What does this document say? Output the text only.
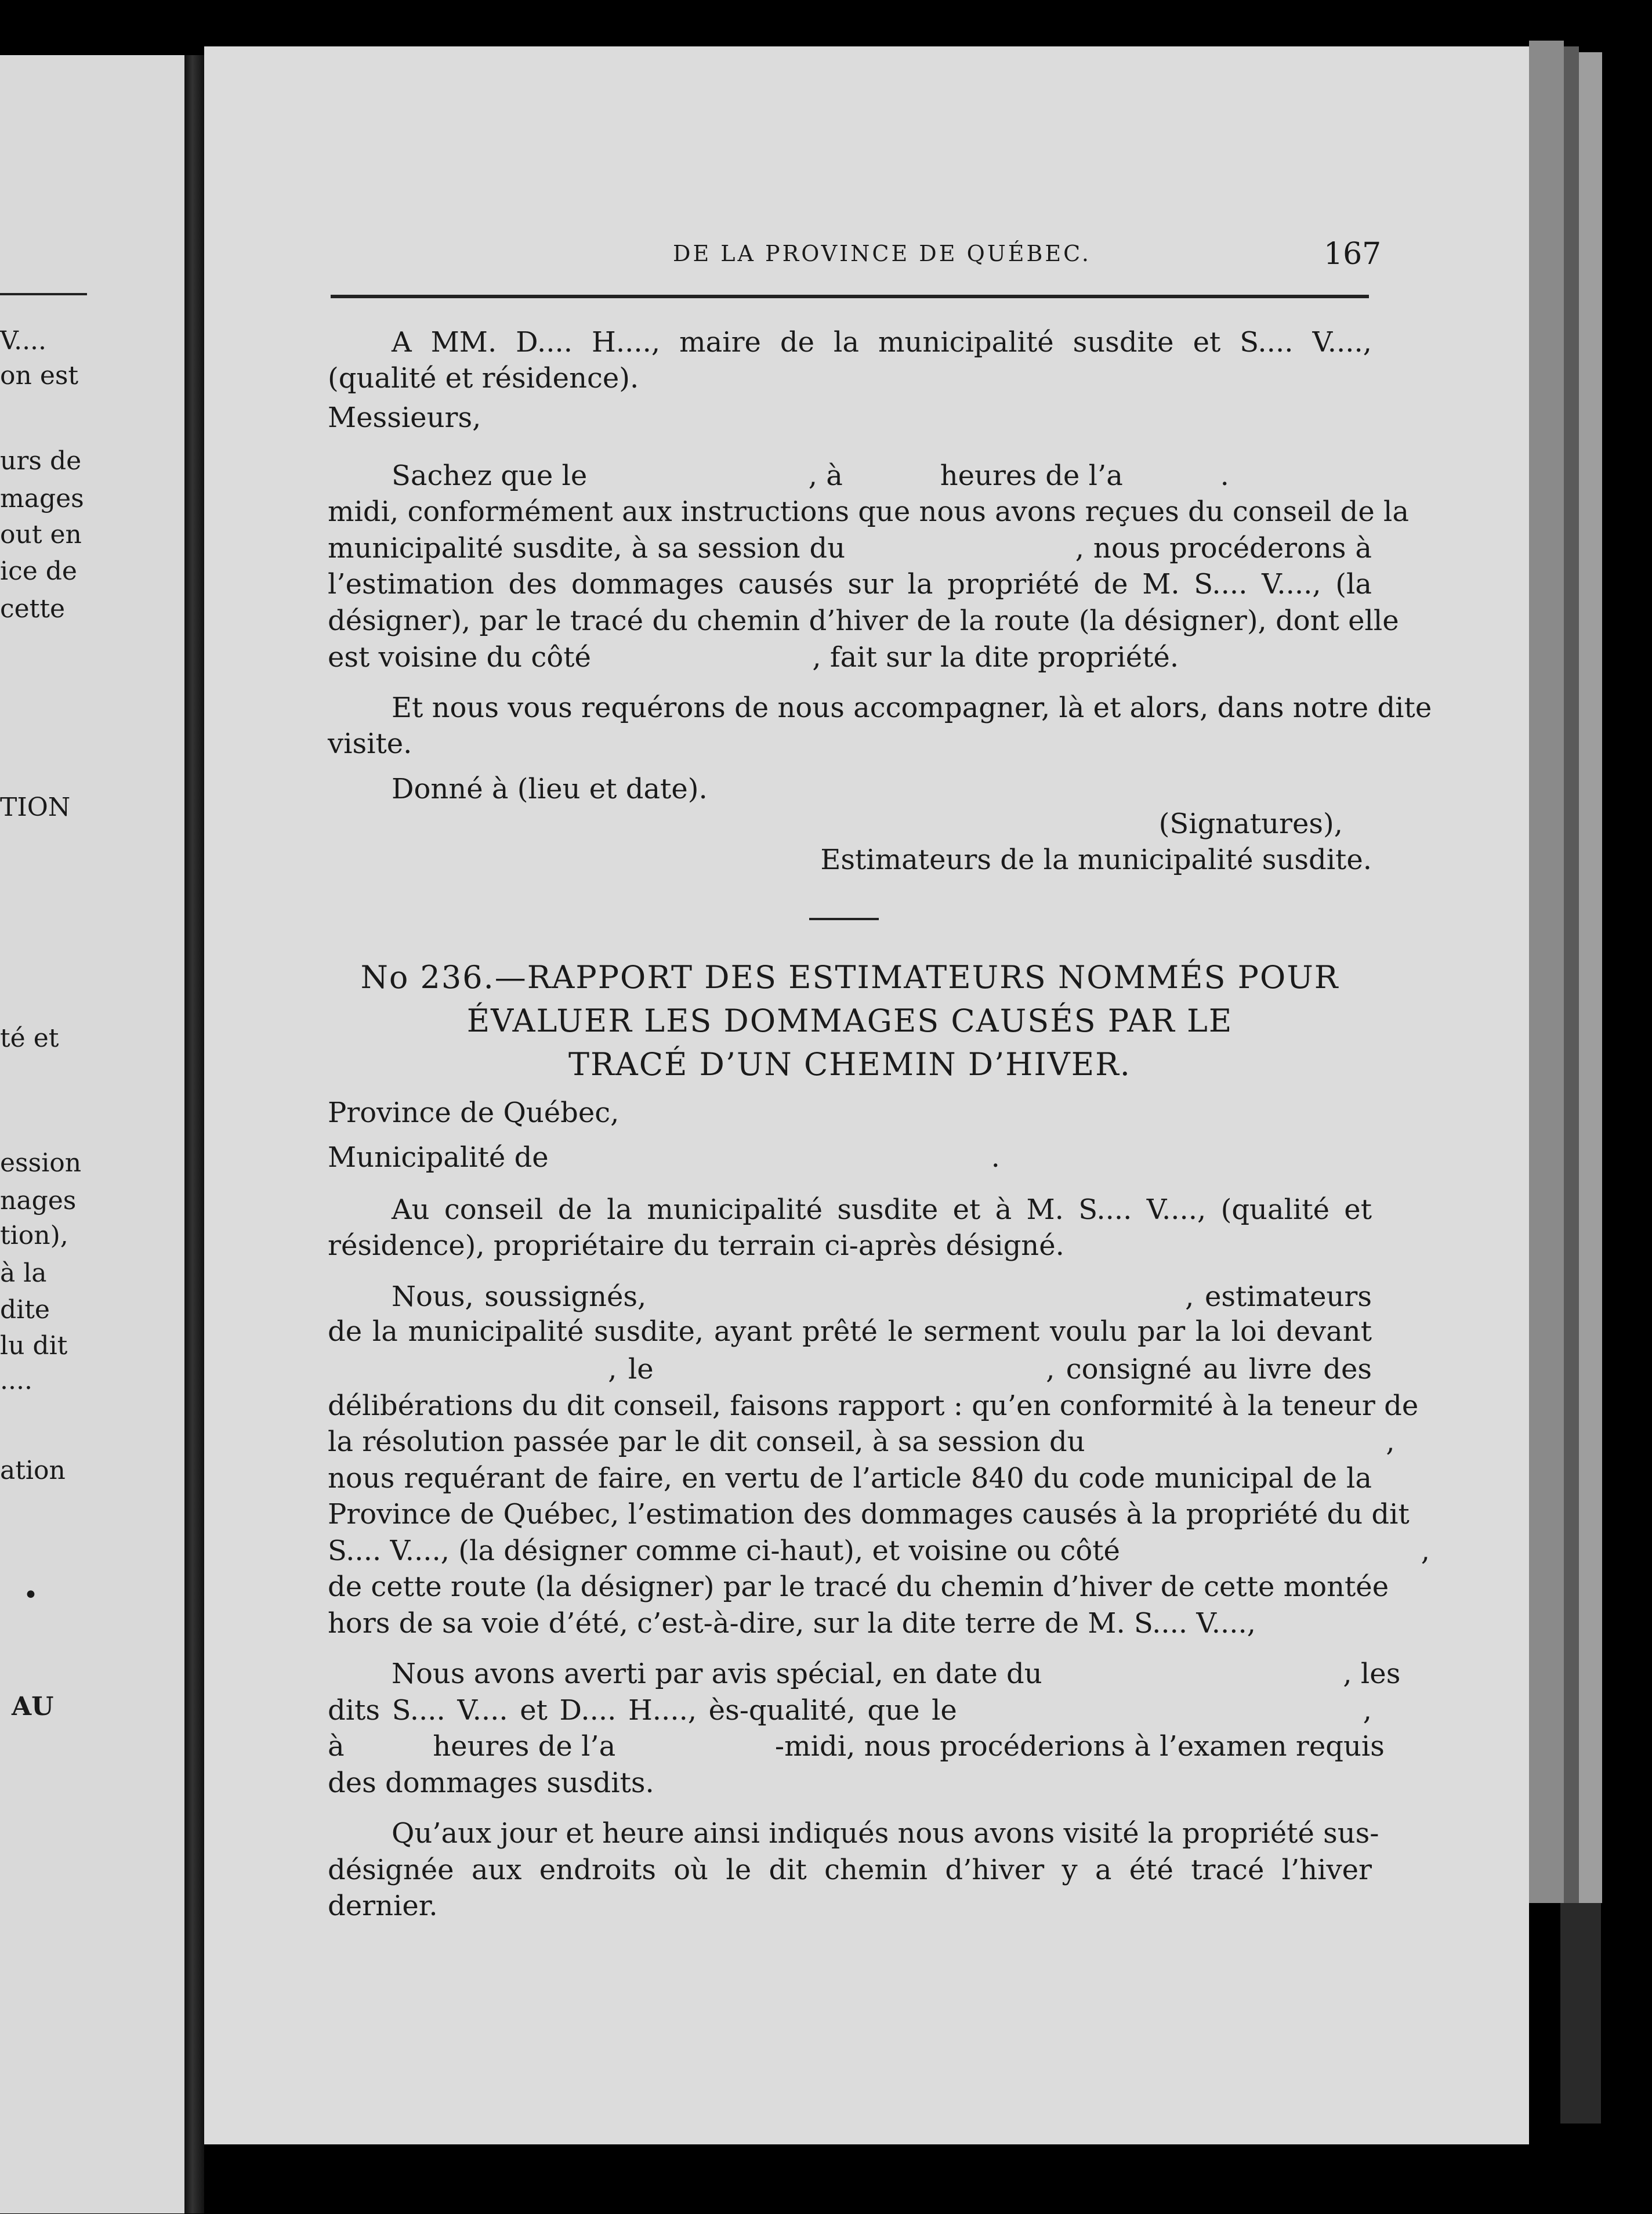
V....
on est
urs de
mages
out en
ice de
cette
TION
té et
ession
nages
tion),
à la
dite
lu dit
....
ation
•
AU
DE LA PROVINCE DE QUÉBEC.	167
A MM. D.... H...., maire de la municipalité susdite et S.... V....,
(qualité et résidence).
Messieurs,
Sachez que le                         , à           heures de l’a           .
midi, conformément aux instructions que nous avons reçues du conseil de la
municipalité susdite, à sa session du                         , nous procéderons à
l’estimation des dommages causés sur la propriété de M. S.... V...., (la
désigner), par le tracé du chemin d’hiver de la route (la désigner), dont elle
est voisine du côté                         , fait sur la dite propriété.
Et nous vous requérons de nous accompagner, là et alors, dans notre dite
visite.
Donné à (lieu et date).
(Signatures),
Estimateurs de la municipalité susdite.
No 236.—RAPPORT DES ESTIMATEURS NOMMÉS POUR
ÉVALUER LES DOMMAGES CAUSÉS PAR LE
TRACÉ D’UN CHEMIN D’HIVER.
Province de Québec,
Municipalité de                                                  .
Au conseil de la municipalité susdite et à M. S.... V...., (qualité et
résidence), propriétaire du terrain ci-après désigné.
Nous, soussignés,                                                  , estimateurs
de la municipalité susdite, ayant prêté le serment voulu par la loi devant
, le                                   , consigné au livre des
délibérations du dit conseil, faisons rapport : qu’en conformité à la teneur de
la résolution passée par le dit conseil, à sa session du                                  ,
nous requérant de faire, en vertu de l’article 840 du code municipal de la
Province de Québec, l’estimation des dommages causés à la propriété du dit
S.... V...., (la désigner comme ci-haut), et voisine ou côté                                  ,
de cette route (la désigner) par le tracé du chemin d’hiver de cette montée
hors de sa voie d’été, c’est-à-dire, sur la dite terre de M. S.... V....,
Nous avons averti par avis spécial, en date du                                  , les
dits S.... V.... et D.... H...., ès-qualité, que le                                  ,
à          heures de l’a                  -midi, nous procéderions à l’examen requis
des dommages susdits.
Qu’aux jour et heure ainsi indiqués nous avons visité la propriété sus-
désignée aux endroits où le dit chemin d’hiver y a été tracé l’hiver
dernier.
